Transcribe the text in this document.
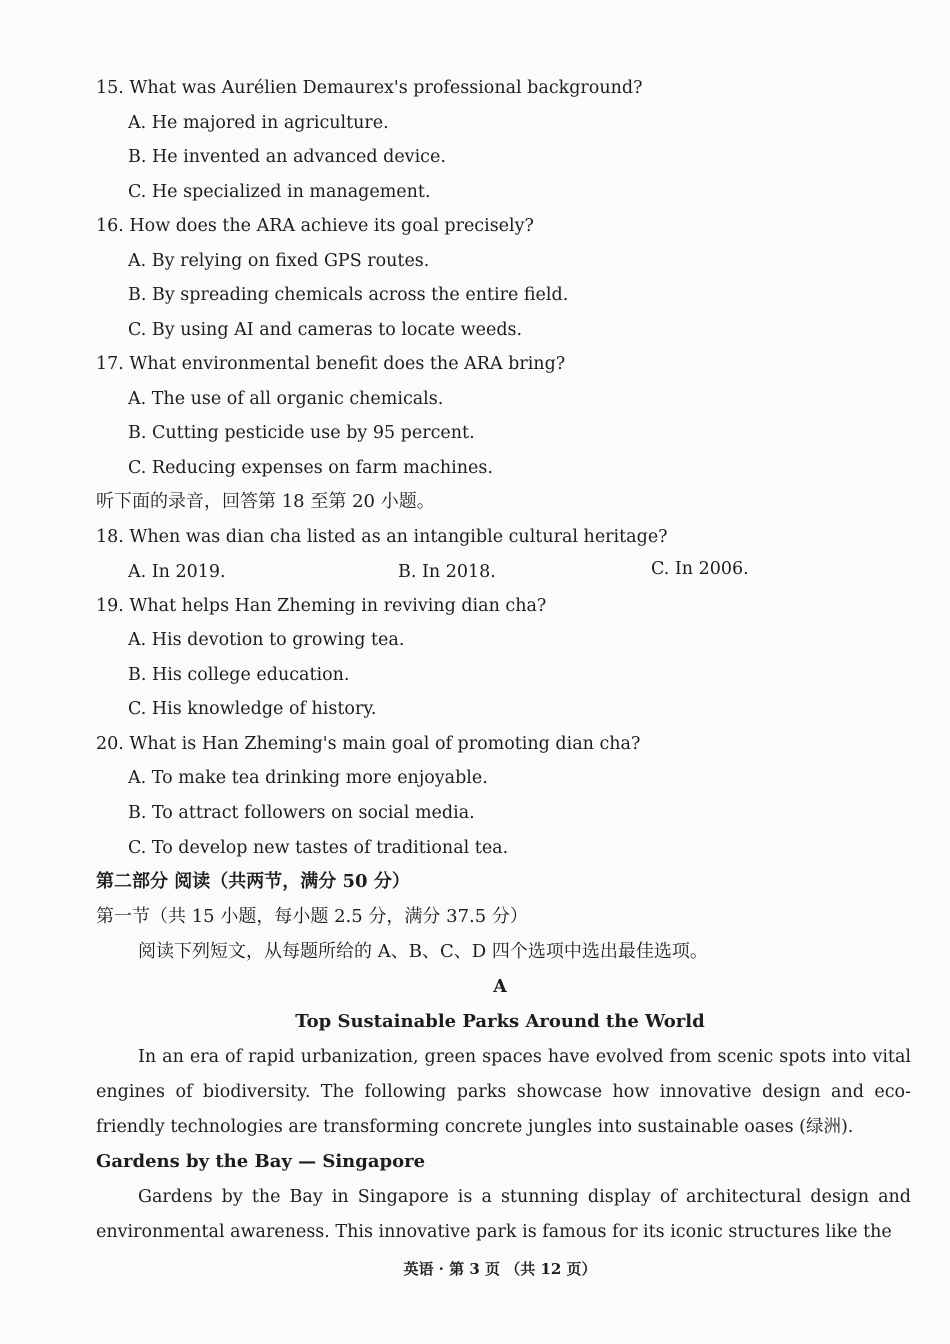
15. What was Aurélien Demaurex's professional background?
A. He majored in agriculture.
B. He invented an advanced device.
C. He specialized in management.
16. How does the ARA achieve its goal precisely?
A. By relying on fixed GPS routes.
B. By spreading chemicals across the entire field.
C. By using AI and cameras to locate weeds.
17. What environmental benefit does the ARA bring?
A. The use of all organic chemicals.
B. Cutting pesticide use by 95 percent.
C. Reducing expenses on farm machines.
听下面的录音，回答第 18 至第 20 小题。
18. When was dian cha listed as an intangible cultural heritage?
A. In 2019.	B. In 2018.	C. In 2006.
19. What helps Han Zheming in reviving dian cha?
A. His devotion to growing tea.
B. His college education.
C. His knowledge of history.
20. What is Han Zheming's main goal of promoting dian cha?
A. To make tea drinking more enjoyable.
B. To attract followers on social media.
C. To develop new tastes of traditional tea.
第二部分 阅读（共两节，满分 50 分）
第一节（共 15 小题，每小题 2.5 分，满分 37.5 分）
阅读下列短文，从每题所给的 A、B、C、D 四个选项中选出最佳选项。
A
Top Sustainable Parks Around the World
In an era of rapid urbanization, green spaces have evolved from scenic spots into vital engines of biodiversity. The following parks showcase how innovative design and eco-friendly technologies are transforming concrete jungles into sustainable oases (绿洲).
Gardens by the Bay — Singapore
Gardens by the Bay in Singapore is a stunning display of architectural design and environmental awareness. This innovative park is famous for its iconic structures like the
英语 · 第 3 页 （共 12 页）
